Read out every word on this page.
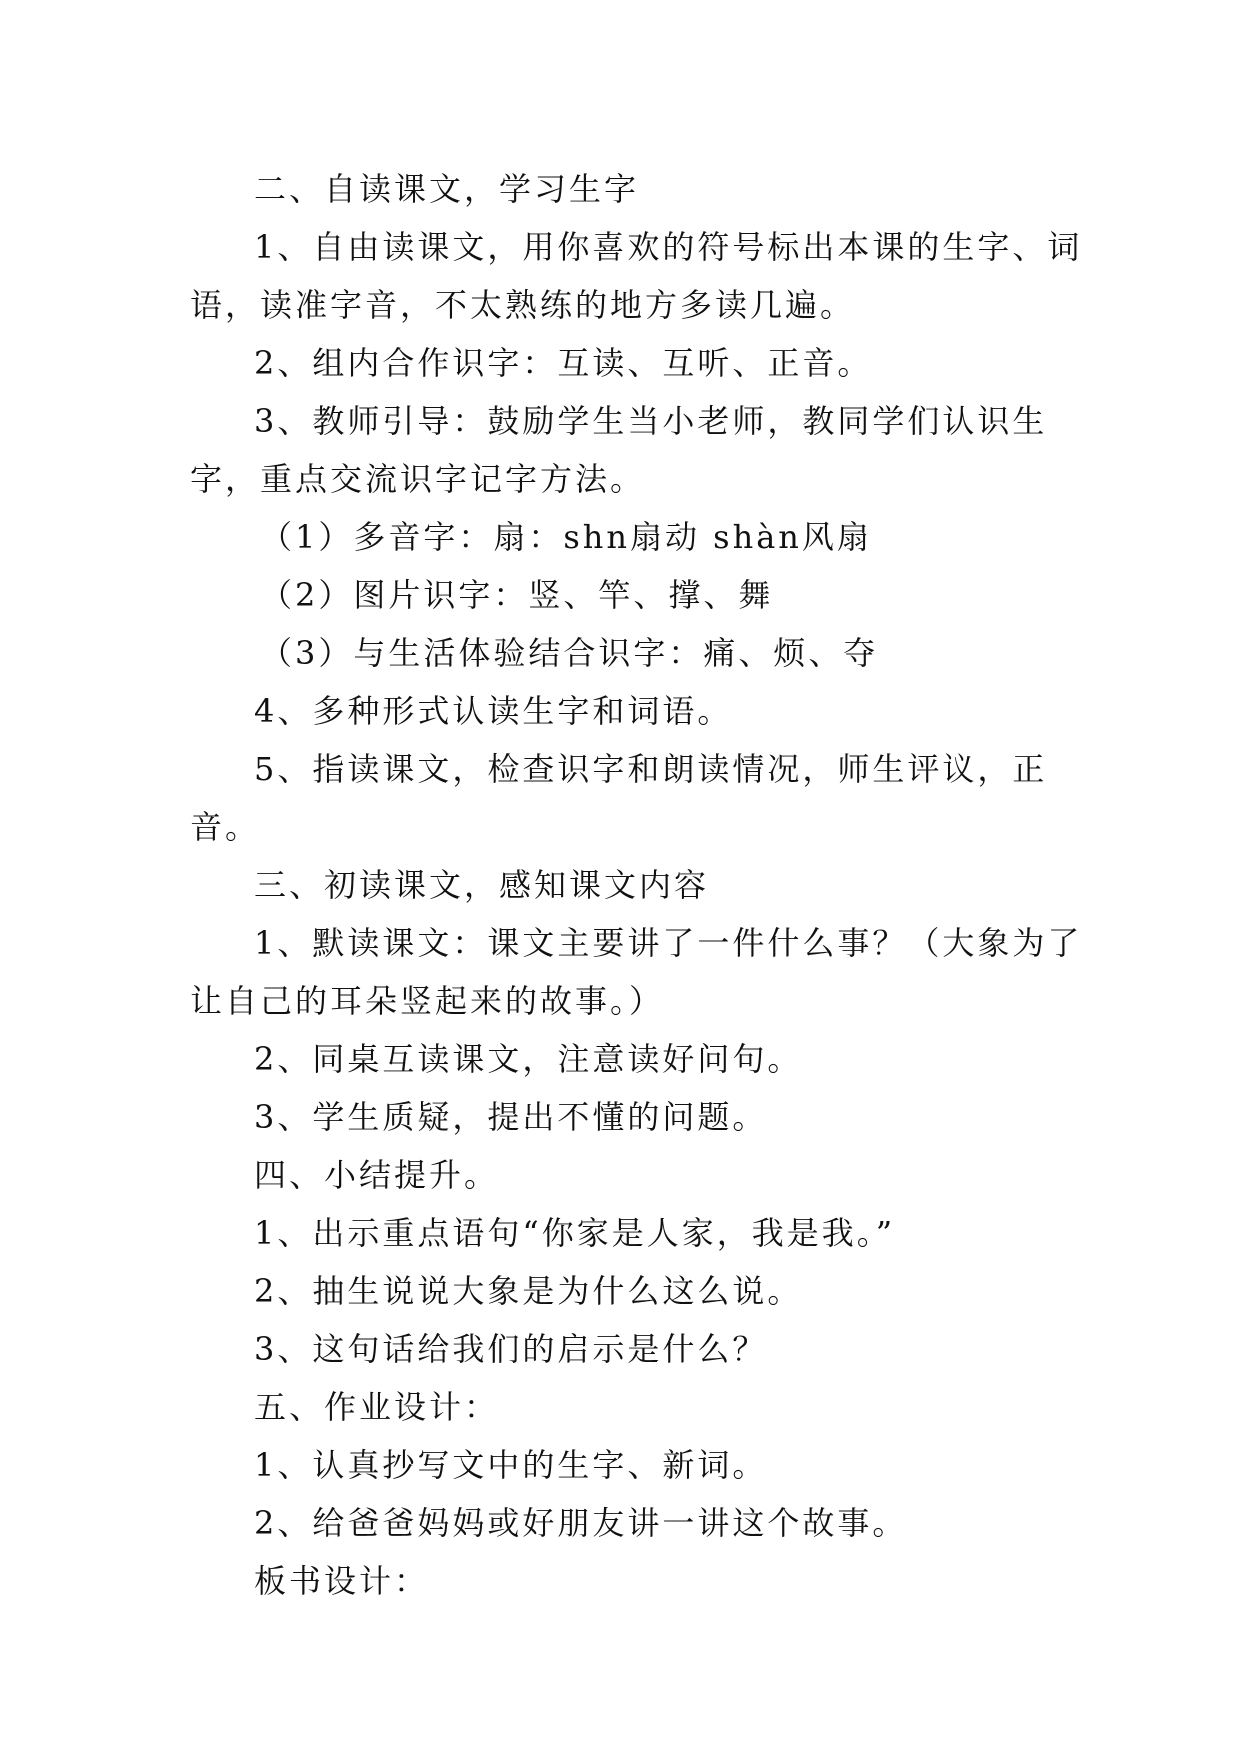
二、自读课文，学习生字

1、自由读课文，用你喜欢的符号标出本课的生字、词语，读准字音，不太熟练的地方多读几遍。

2、组内合作识字：互读、互听、正音。

3、教师引导：鼓励学生当小老师，教同学们认识生字，重点交流识字记字方法。

（1）多音字：扇：shn扇动 shàn风扇

（2）图片识字：竖、竿、撑、舞

（3）与生活体验结合识字：痛、烦、夺

4、多种形式认读生字和词语。

5、指读课文，检查识字和朗读情况，师生评议，正音。

三、初读课文，感知课文内容

1、默读课文：课文主要讲了一件什么事？（大象为了让自己的耳朵竖起来的故事。）

2、同桌互读课文，注意读好问句。

3、学生质疑，提出不懂的问题。

四、小结提升。

1、出示重点语句“你家是人家，我是我。”

2、抽生说说大象是为什么这么说。

3、这句话给我们的启示是什么？

五、作业设计：

1、认真抄写文中的生字、新词。

2、给爸爸妈妈或好朋友讲一讲这个故事。

板书设计：
